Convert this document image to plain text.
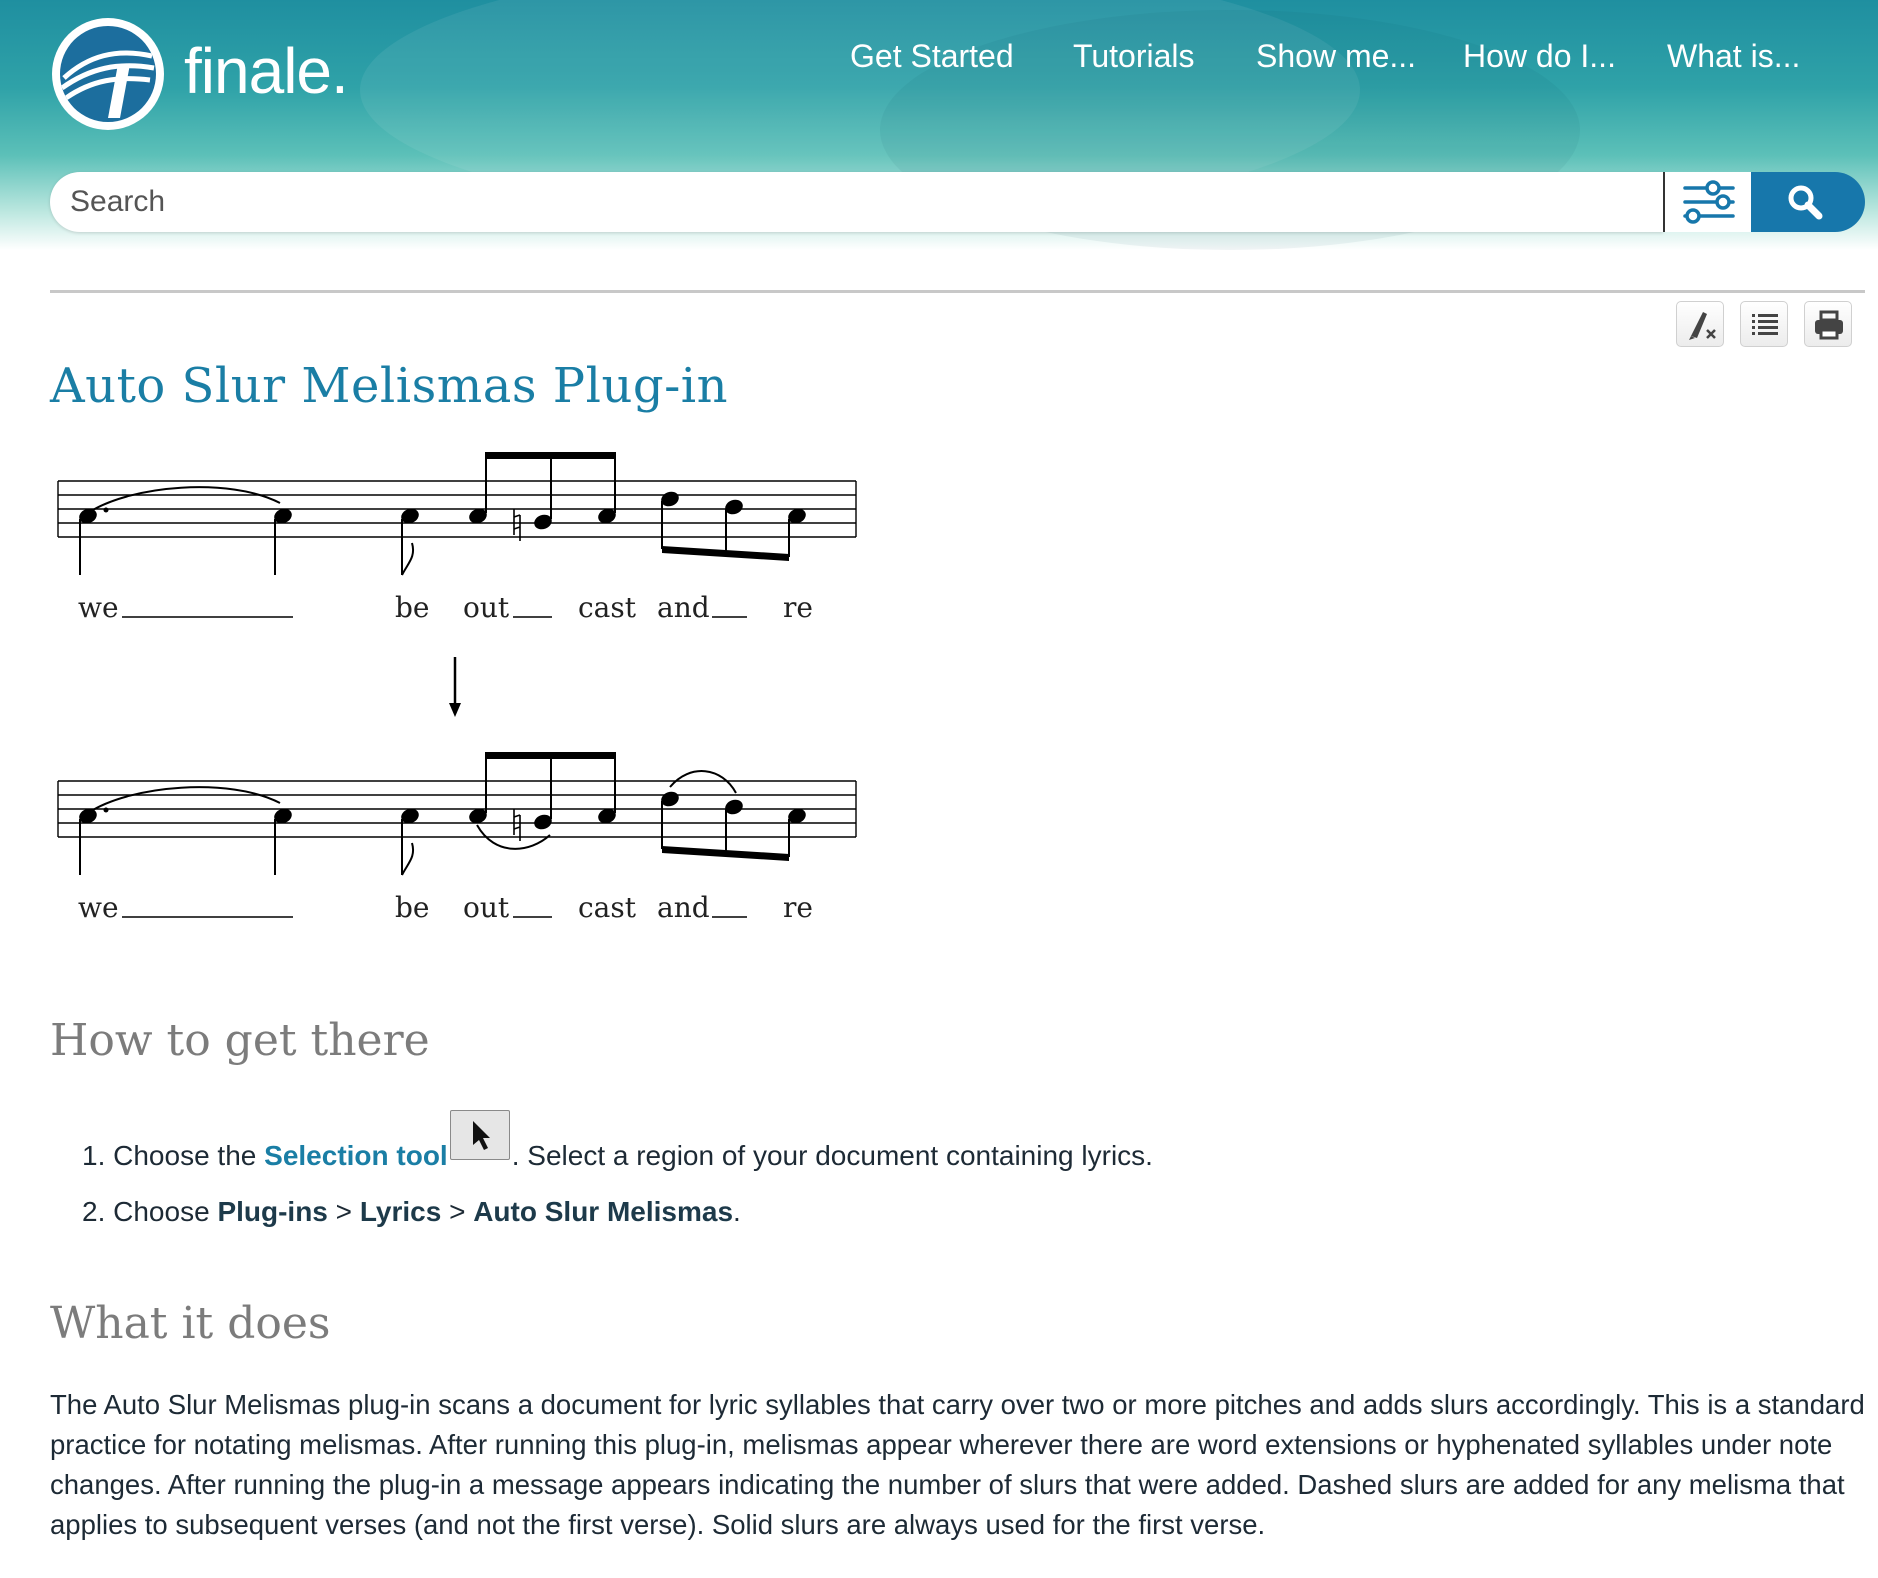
finale.	Get Started Tutorials Show me... How do I... What is...
Search
Auto Slur Melismas Plug-in
we	be out cast and	re
we	be out cast and	re
How to get there
1. Choose the Selection tool . Select a region of your document containing lyrics.
2. Choose Plug-ins > Lyrics > Auto Slur Melismas.
What it does

The Auto Slur Melismas plug-in scans a document for lyric syllables that carry over two or more pitches and adds slurs accordingly. This is a standard practice for notating melismas. After running this plug-in, melismas appear wherever there are word extensions or hyphenated syllables under note changes. After running the plug-in a message appears indicating the number of slurs that were added. Dashed slurs are added for any melisma that applies to subsequent verses (and not the first verse). Solid slurs are always used for the first verse.
